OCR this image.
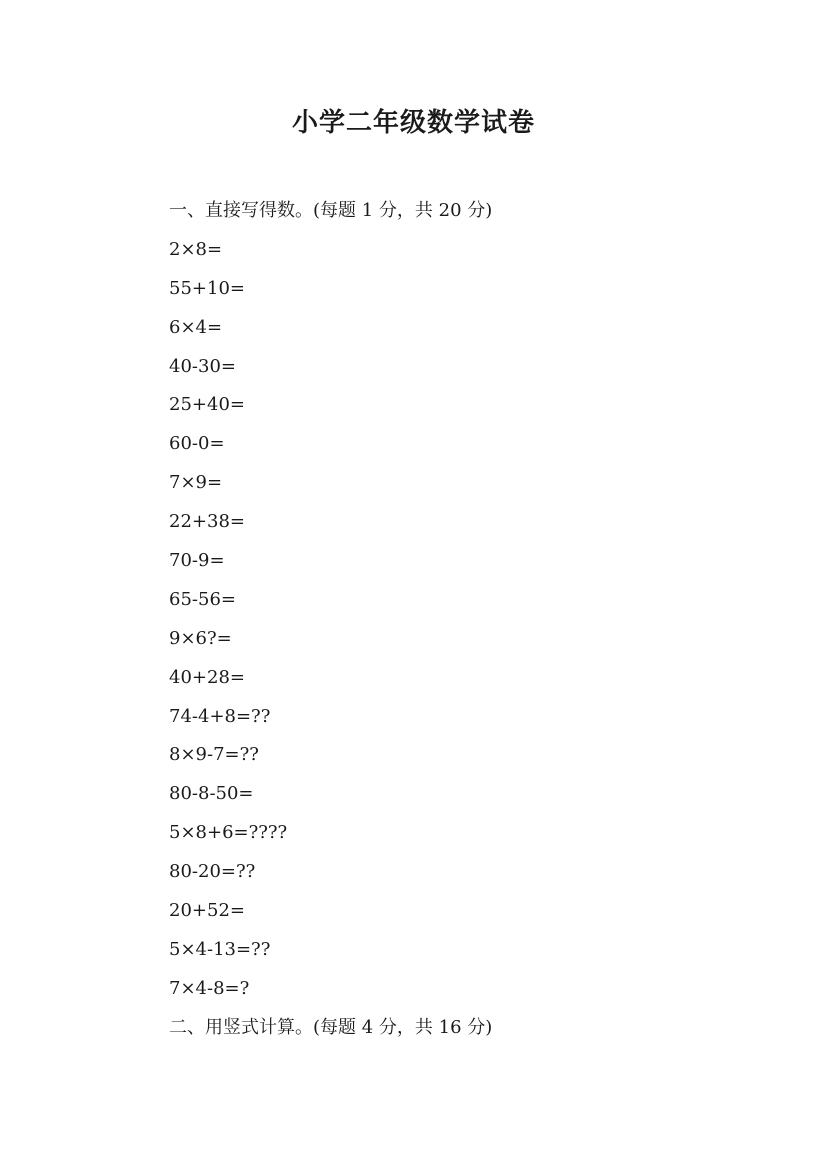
小学二年级数学试卷
一、直接写得数。(每题 1 分，共 20 分)
2×8=
55+10=
6×4=
40-30=
25+40=
60-0=
7×9=
22+38=
70-9=
65-56=
9×6?=
40+28=
74-4+8=??
8×9-7=??
80-8-50=
5×8+6=????
80-20=??
20+52=
5×4-13=??
7×4-8=?
二、用竖式计算。(每题 4 分，共 16 分)
